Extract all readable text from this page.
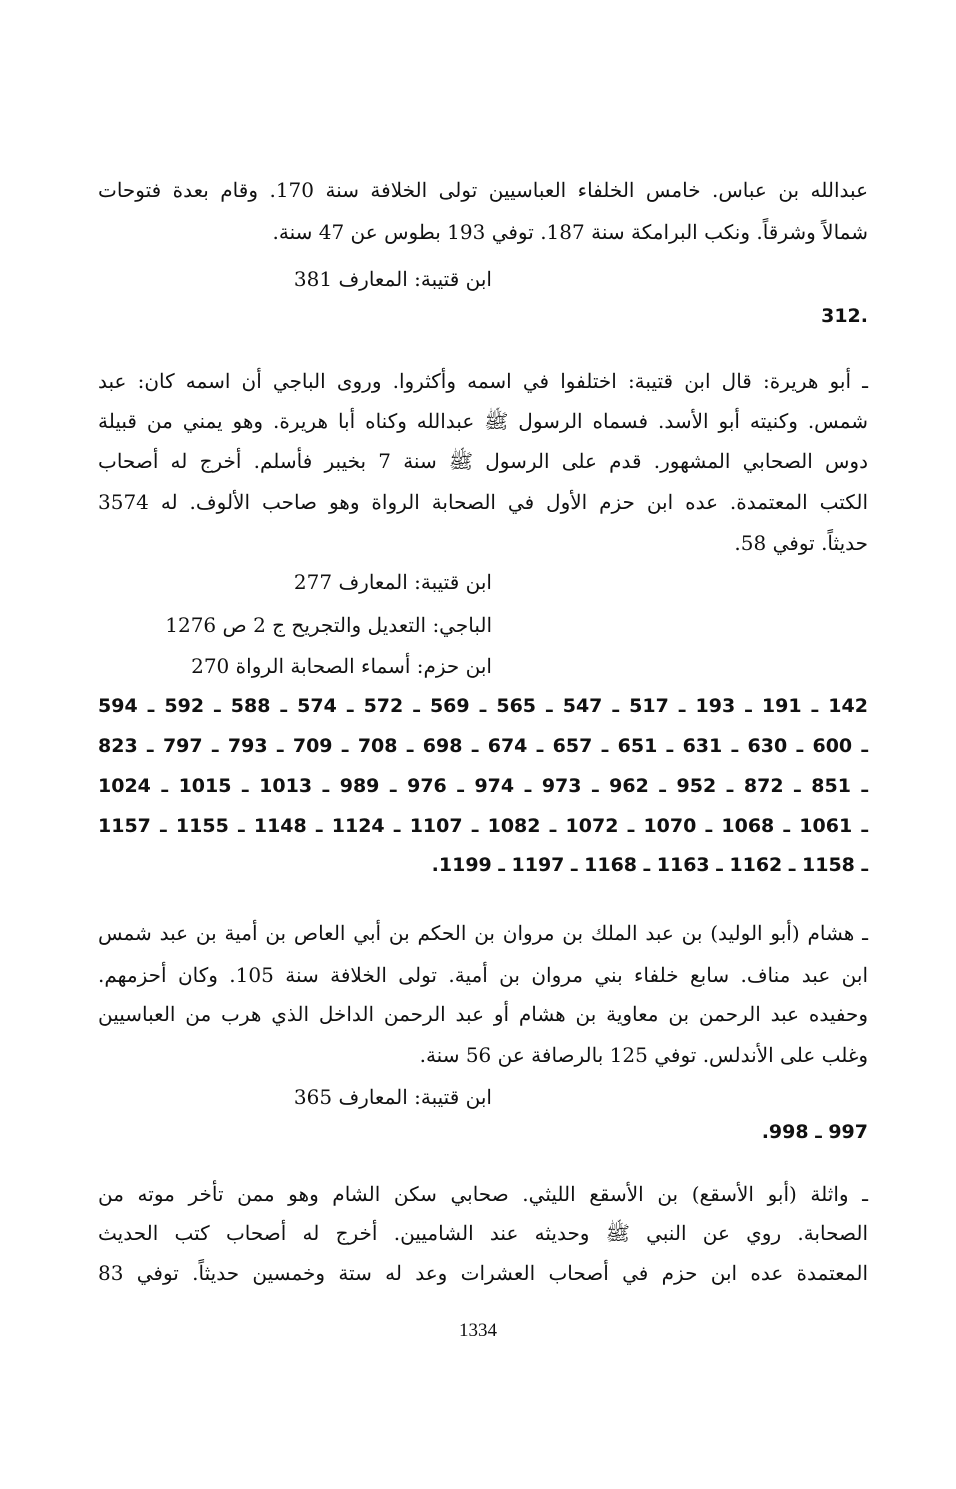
عبدالله بن عباس. خامس الخلفاء العباسيين تولى الخلافة سنة 170. وقام بعدة فتوحات
شمالاً وشرقاً. ونكب البرامكة سنة 187. توفي 193 بطوس عن 47 سنة.
ابن قتيبة: المعارف 381
.312
ـ أبو هريرة: قال ابن قتيبة: اختلفوا في اسمه وأكثروا. وروى الباجي أن اسمه كان: عبد
شمس. وكنيته أبو الأسد. فسماه الرسول ﷺ عبدالله وكناه أبا هريرة. وهو يمني من قبيلة
دوس الصحابي المشهور. قدم على الرسول ﷺ سنة 7 بخيبر فأسلم. أخرج له أصحاب
الكتب المعتمدة. عده ابن حزم الأول في الصحابة الرواة وهو صاحب الألوف. له 3574
حديثاً. توفي 58.
ابن قتيبة: المعارف 277
الباجي: التعديل والتجريح ج 2 ص 1276
ابن حزم: أسماء الصحابة الرواة 270
142 ـ 191 ـ 193 ـ 517 ـ 547 ـ 565 ـ 569 ـ 572 ـ 574 ـ 588 ـ 592 ـ 594
ـ 600 ـ 630 ـ 631 ـ 651 ـ 657 ـ 674 ـ 698 ـ 708 ـ 709 ـ 793 ـ 797 ـ 823
ـ 851 ـ 872 ـ 952 ـ 962 ـ 973 ـ 974 ـ 976 ـ 989 ـ 1013 ـ 1015 ـ 1024
ـ 1061 ـ 1068 ـ 1070 ـ 1072 ـ 1082 ـ 1107 ـ 1124 ـ 1148 ـ 1155 ـ 1157
ـ 1158 ـ 1162 ـ 1163 ـ 1168 ـ 1197 ـ 1199.
ـ هشام (أبو الوليد) بن عبد الملك بن مروان بن الحكم بن أبي العاص بن أمية بن عبد شمس
ابن عبد مناف. سابع خلفاء بني مروان بن أمية. تولى الخلافة سنة 105. وكان أحزمهم.
وحفيده عبد الرحمن بن معاوية بن هشام أو عبد الرحمن الداخل الذي هرب من العباسيين
وغلب على الأندلس. توفي 125 بالرصافة عن 56 سنة.
ابن قتيبة: المعارف 365
997 ـ 998.
ـ واثلة (أبو الأسقع) بن الأسقع الليثي. صحابي سكن الشام وهو ممن تأخر موته من
الصحابة. روي عن النبي ﷺ وحديثه عند الشاميين. أخرج له أصحاب كتب الحديث
المعتمدة عده ابن حزم في أصحاب العشرات وعد له ستة وخمسين حديثاً. توفي 83
1334
